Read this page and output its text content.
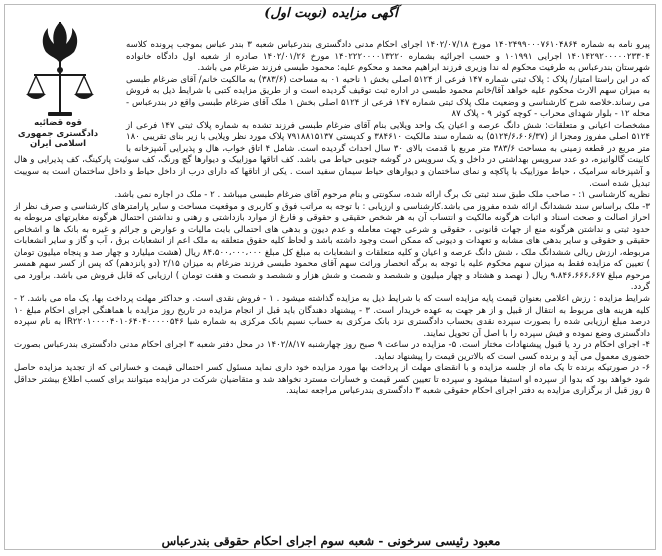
آگهی مزایده (نوبت اول)
قوه قضائیه
دادگستری جمهوری اسلامی ایران

پیرو نامه به شماره ۱۴۰۲۴۹۹۰۰۰۷۶۱۰۴۸۶۴ مورخ ۱۴۰۲/۰۷/۱۸ اجرای احکام مدنی دادگستری بندرعباس شعبه ۳ بندر عباس بموجب پرونده کلاسه ۱۴۰۱۴۲۹۲۰۰۰۰۰۲۳۳۰۴ اجرایی ۱۰۱۹۹۱ و حسب اجرائیه بشماره ۱۴۰۲۲۲۰۰۰۰۱۳۲۲۰ مورخ ۱۴۰۲/۰۱/۲۶ صادره از شعبه اول دادگاه خانواده شهرستان بندرعباس به طرفیت محکوم له ندا وزیری فرزند ابراهیم محمد و محکوم علیه: محمود طبسی فرزند ضرغام می باشد.

که در این راستا امتیاز/ پلاک : پلاک ثبتی شماره ۱۴۷ فرعی از ۵۱۲۴ اصلی بخش ۱ ناحیه ۰۱ به مساحت (۳۸۳/۶) به مالکیت خانم/ آقای ضرغام طبسی به میزان سهم الارث محکوم علیه خواهد آقا/خانم محمود طبسی در اداره ثبت توقیف گردیده است و از طریق مزایده کتبی با شرایط ذیل به فروش می رساند.خلاصه شرح کارشناسی و وضعیت ملک پلاک ثبتی شماره ۱۴۷ فرعی از ۵۱۲۴ اصلی بخش ۱ ملک آقای ضرغام طبسی واقع در بندرعباس - محله ۱۲ - بلوار شهدای محراب - کوچه کوثر ۹ - پلاک ۸۷

مشخصات اعیانی و متعلقات: شش دانگ عرصه و اعیان یک واحد ویلایی بنام آقای ضرغام طبسی فرزند تشده به شماره پلاک ثبتی ۱۴۷ فرعی از ۵۱۲۴ اصلی مفروز ومجزا از (۵۱۲۴/۶،۶۰۶/۳۷) به شماره سند مالکیت ۳۸۴۶۱۰ و کدپستی ۷۹۱۸۸۱۵۱۳۷ پلاک مورد نظر ویلایی با زیر بنای تقریبی ۱۸۰ متر مربع در قطعه زمینی به مساحت ۳۸۳/۶ متر مربع با قدمت بالای ۳۰ سال احداث گردیده است. شامل ۴ اتاق خواب، هال و پذیرایی آشپزخانه با کابینت گالوانیزه، دو عدد سرویس بهداشتی در داخل و یک سرویس در گوشه جنوبی حیاط می باشد. کف اتاقها موزاییک و دیوارها گچ ورنگ، کف سوئیت پارکینگ، کف پذیرایی و هال و آشپزخانه سرامیک ، حیاط موزاییک با پاکچه و نمای ساختمان و دیوارهای حیاط سیمان سفید است . یکی از اتاقها که دارای درب از داخل حیاط و داخل ساختمان است به سوییت تبدیل شده است.

نظریه کارشناسی ۱: - صاحب ملک طبق سند ثبتی تک برگ ارائه شده، سکونتی و بنام مرحوم آقای ضرغام طبسی میباشد . ۲ - ملک در اجاره نمی باشد.

۳- ملک براساس سند ششدانگ ارائه شده مفروز می باشد.کارشناسی و ارزیابی : با توجه به مراتب فوق و کاربری و موقعیت مساحت و سایر پارامترهای کارشناسی و صرف نظر از احراز اصالت و صحت اسناد و اثبات هرگونه مالکیت و انتساب آن به هر شخص حقیقی و حقوقی و فارغ از موارد بازداشتی و رهنی و نداشتن احتمال هرگونه مغایرتهای مربوطه به حدود ثبتی و نداشتن هرگونه منع از جهات قانونی ، حقوقی و شرعی جهت معامله و عدم دیون و بدهی های احتمالی بابت مالیات و عوارض و جرائم و غیره به بانک ها و اشخاص حقیقی و حقوقی و سایر بدهی های مشابه و تعهدات و دیونی که ممکن است وجود داشته باشد و لحاظ کلیه حقوق متعلقه به ملک اعم از انشعابات برق ، آب و گاز و سایر انشعابات مربوطه، ارزش ریالی ششدانگ ملک ، شش دانگ عرصه و اعیان و کلیه متعلقات و انشعابات به مبلغ کل مبلغ ۸۴،۵۰۰،۰۰۰،۰۰۰ ریال (هشت میلیارد و چهار صد و پنجاه میلیون تومان ) تعیین که مزایده فقط به میزان سهم محکوم علیه با توجه به برگه انحصار وراثت سهم آقای محمود طبسی فرزند ضرغام به میزان ۲/۱۵ (دو پانزدهم) که پس از کسر سهم همسر مرحوم مبلغ ۹،۸۴۶،۶۶۶،۶۶۷ ریال ( نهصد و هشتاد و چهار میلیون و ششصد و شصت و شش هزار و ششصد و شصت و هفت تومان ) ارزیابی که قابل فروش می باشد. براورد می گردد.

شرایط مزایده : رزش اعلامی بعنوان قیمت پایه مزایده است که با شرایط ذیل به مزایده گذاشته میشود . ۱ - فروش نقدی است. و حداکثر مهلت پرداخت بها، یک ماه می باشد. ۲ - کلیه هزینه های مربوط به انتقال از قبیل و از هر جهت به عهده خریدار است. ۳ - پیشنهاد دهندگان باید قبل از انجام مزایده در تاریخ روز مزایده با هماهنگی اجرای احکام مبلغ ۱۰ درصد مبلغ ارزیابی شده را بصورت سپرده نقدی بحساب دادگستری نزد بانک مرکزی به حساب نسیم بانک مرکزی به شماره شبا IR۲۲۰۱۰۰۰۰۴۰۱۰۶۴۰۴۰۰۰۰۰۵۴۶ به نام سپرده دادگستری وضع نموده و فیش سپرده را با اصل آن تحویل نمایند.

۴- اجرای احکام در رد یا قبول پیشنهادات مختار است. ۵- مزایده در ساعت ۹ صبح روز چهارشنبه ۱۴۰۲/۸/۱۷ در محل دفتر شعبه ۳ اجرای احکام مدنی دادگستری بندرعباس بصورت حضوری معمول می آید و برنده کسی است که بالاترین قیمت را پیشنهاد نماید.

۶- در صورتیکه برنده تا یک ماه از جلسه مزایده و با انقضای مهلت از پرداخت بها مورد مزایده خود داری نماید مسئول کسر احتمالی قیمت و خساراتی که از تجدید مزایده حاصل شود خواهد بود که بدوا از سپرده او استیفا میشود و سپرده تا تعیین کسر قیمت و خسارات مسترد نخواهد شد و متقاضیان شرکت در مزایده میتوانند برای کسب اطلاع بیشتر حداقل ۵ روز قبل از برگزاری مزایده به دفتر اجرای احکام حقوقی شعبه ۳ دادگستری بندرعباس مراجعه نمایند.

معبود رئیسی سرخونی - شعبه سوم اجرای احکام حقوقی بندرعباس
